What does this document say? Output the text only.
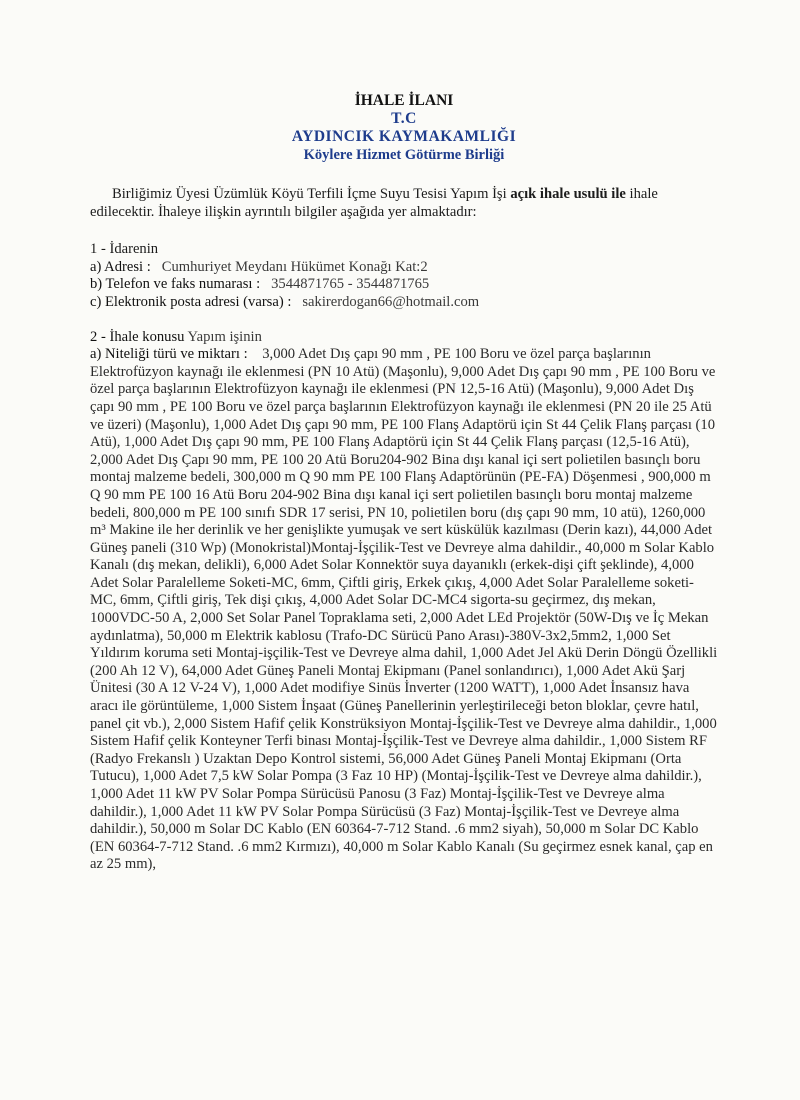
İHALE İLANI
T.C
AYDINCIK KAYMAKAMLIĞI
Köylere Hizmet Götürme Birliği

Birliğimiz Üyesi Üzümlük Köyü Terfili İçme Suyu Tesisi Yapım İşi açık ihale usulü ile ihale edilecektir. İhaleye ilişkin ayrıntılı bilgiler aşağıda yer almaktadır:

1 - İdarenin

a) Adresi : Cumhuriyet Meydanı Hükümet Konağı Kat:2

b) Telefon ve faks numarası : 3544871765 - 3544871765

c) Elektronik posta adresi (varsa) : sakirerdogan66@hotmail.com

2 - İhale konusu Yapım işinin

a) Niteliği türü ve miktarı : 3,000 Adet Dış çapı 90 mm , PE 100 Boru ve özel parça başlarının Elektrofüzyon kaynağı ile eklenmesi (PN 10 Atü) (Maşonlu), 9,000 Adet Dış çapı 90 mm , PE 100 Boru ve özel parça başlarının Elektrofüzyon kaynağı ile eklenmesi (PN 12,5-16 Atü) (Maşonlu), 9,000 Adet Dış çapı 90 mm , PE 100 Boru ve özel parça başlarının Elektrofüzyon kaynağı ile eklenmesi (PN 20 ile 25 Atü ve üzeri) (Maşonlu), 1,000 Adet Dış çapı 90 mm, PE 100 Flanş Adaptörü için St 44 Çelik Flanş parçası (10 Atü), 1,000 Adet Dış çapı 90 mm, PE 100 Flanş Adaptörü için St 44 Çelik Flanş parçası (12,5-16 Atü), 2,000 Adet Dış Çapı 90 mm, PE 100 20 Atü Boru204-902 Bina dışı kanal içi sert polietilen basınçlı boru montaj malzeme bedeli, 300,000 m Q 90 mm PE 100 Flanş Adaptörünün (PE-FA) Döşenmesi , 900,000 m Q 90 mm PE 100 16 Atü Boru 204-902 Bina dışı kanal içi sert polietilen basınçlı boru montaj malzeme bedeli, 800,000 m PE 100 sınıfı SDR 17 serisi, PN 10, polietilen boru (dış çapı 90 mm, 10 atü), 1260,000 m³ Makine ile her derinlik ve her genişlikte yumuşak ve sert küskülük kazılması (Derin kazı), 44,000 Adet Güneş paneli (310 Wp) (Monokristal)Montaj-İşçilik-Test ve Devreye alma dahildir., 40,000 m Solar Kablo Kanalı (dış mekan, delikli), 6,000 Adet Solar Konnektör suya dayanıklı (erkek-dişi çift şeklinde), 4,000 Adet Solar Paralelleme Soketi-MC, 6mm, Çiftli giriş, Erkek çıkış, 4,000 Adet Solar Paralelleme soketi-MC, 6mm, Çiftli giriş, Tek dişi çıkış, 4,000 Adet Solar DC-MC4 sigorta-su geçirmez, dış mekan, 1000VDC-50 A, 2,000 Set Solar Panel Topraklama seti, 2,000 Adet LEd Projektör (50W-Dış ve İç Mekan aydınlatma), 50,000 m Elektrik kablosu (Trafo-DC Sürücü Pano Arası)-380V-3x2,5mm2, 1,000 Set Yıldırım koruma seti Montaj-işçilik-Test ve Devreye alma dahil, 1,000 Adet Jel Akü Derin Döngü Özellikli (200 Ah 12 V), 64,000 Adet Güneş Paneli Montaj Ekipmanı (Panel sonlandırıcı), 1,000 Adet Akü Şarj Ünitesi (30 A 12 V-24 V), 1,000 Adet modifiye Sinüs İnverter (1200 WATT), 1,000 Adet İnsansız hava aracı ile görüntüleme, 1,000 Sistem İnşaat (Güneş Panellerinin yerleştirileceği beton bloklar, çevre hatıl, panel çit vb.), 2,000 Sistem Hafif çelik Konstrüksiyon Montaj-İşçilik-Test ve Devreye alma dahildir., 1,000 Sistem Hafif çelik Konteyner Terfi binası Montaj-İşçilik-Test ve Devreye alma dahildir., 1,000 Sistem RF (Radyo Frekanslı ) Uzaktan Depo Kontrol sistemi, 56,000 Adet Güneş Paneli Montaj Ekipmanı (Orta Tutucu), 1,000 Adet 7,5 kW Solar Pompa (3 Faz 10 HP) (Montaj-İşçilik-Test ve Devreye alma dahildir.), 1,000 Adet 11 kW PV Solar Pompa Sürücüsü Panosu (3 Faz) Montaj-İşçilik-Test ve Devreye alma dahildir.), 1,000 Adet 11 kW PV Solar Pompa Sürücüsü (3 Faz) Montaj-İşçilik-Test ve Devreye alma dahildir.), 50,000 m Solar DC Kablo (EN 60364-7-712 Stand. .6 mm2 siyah), 50,000 m Solar DC Kablo (EN 60364-7-712 Stand. .6 mm2 Kırmızı), 40,000 m Solar Kablo Kanalı (Su geçirmez esnek kanal, çap en az 25 mm),
